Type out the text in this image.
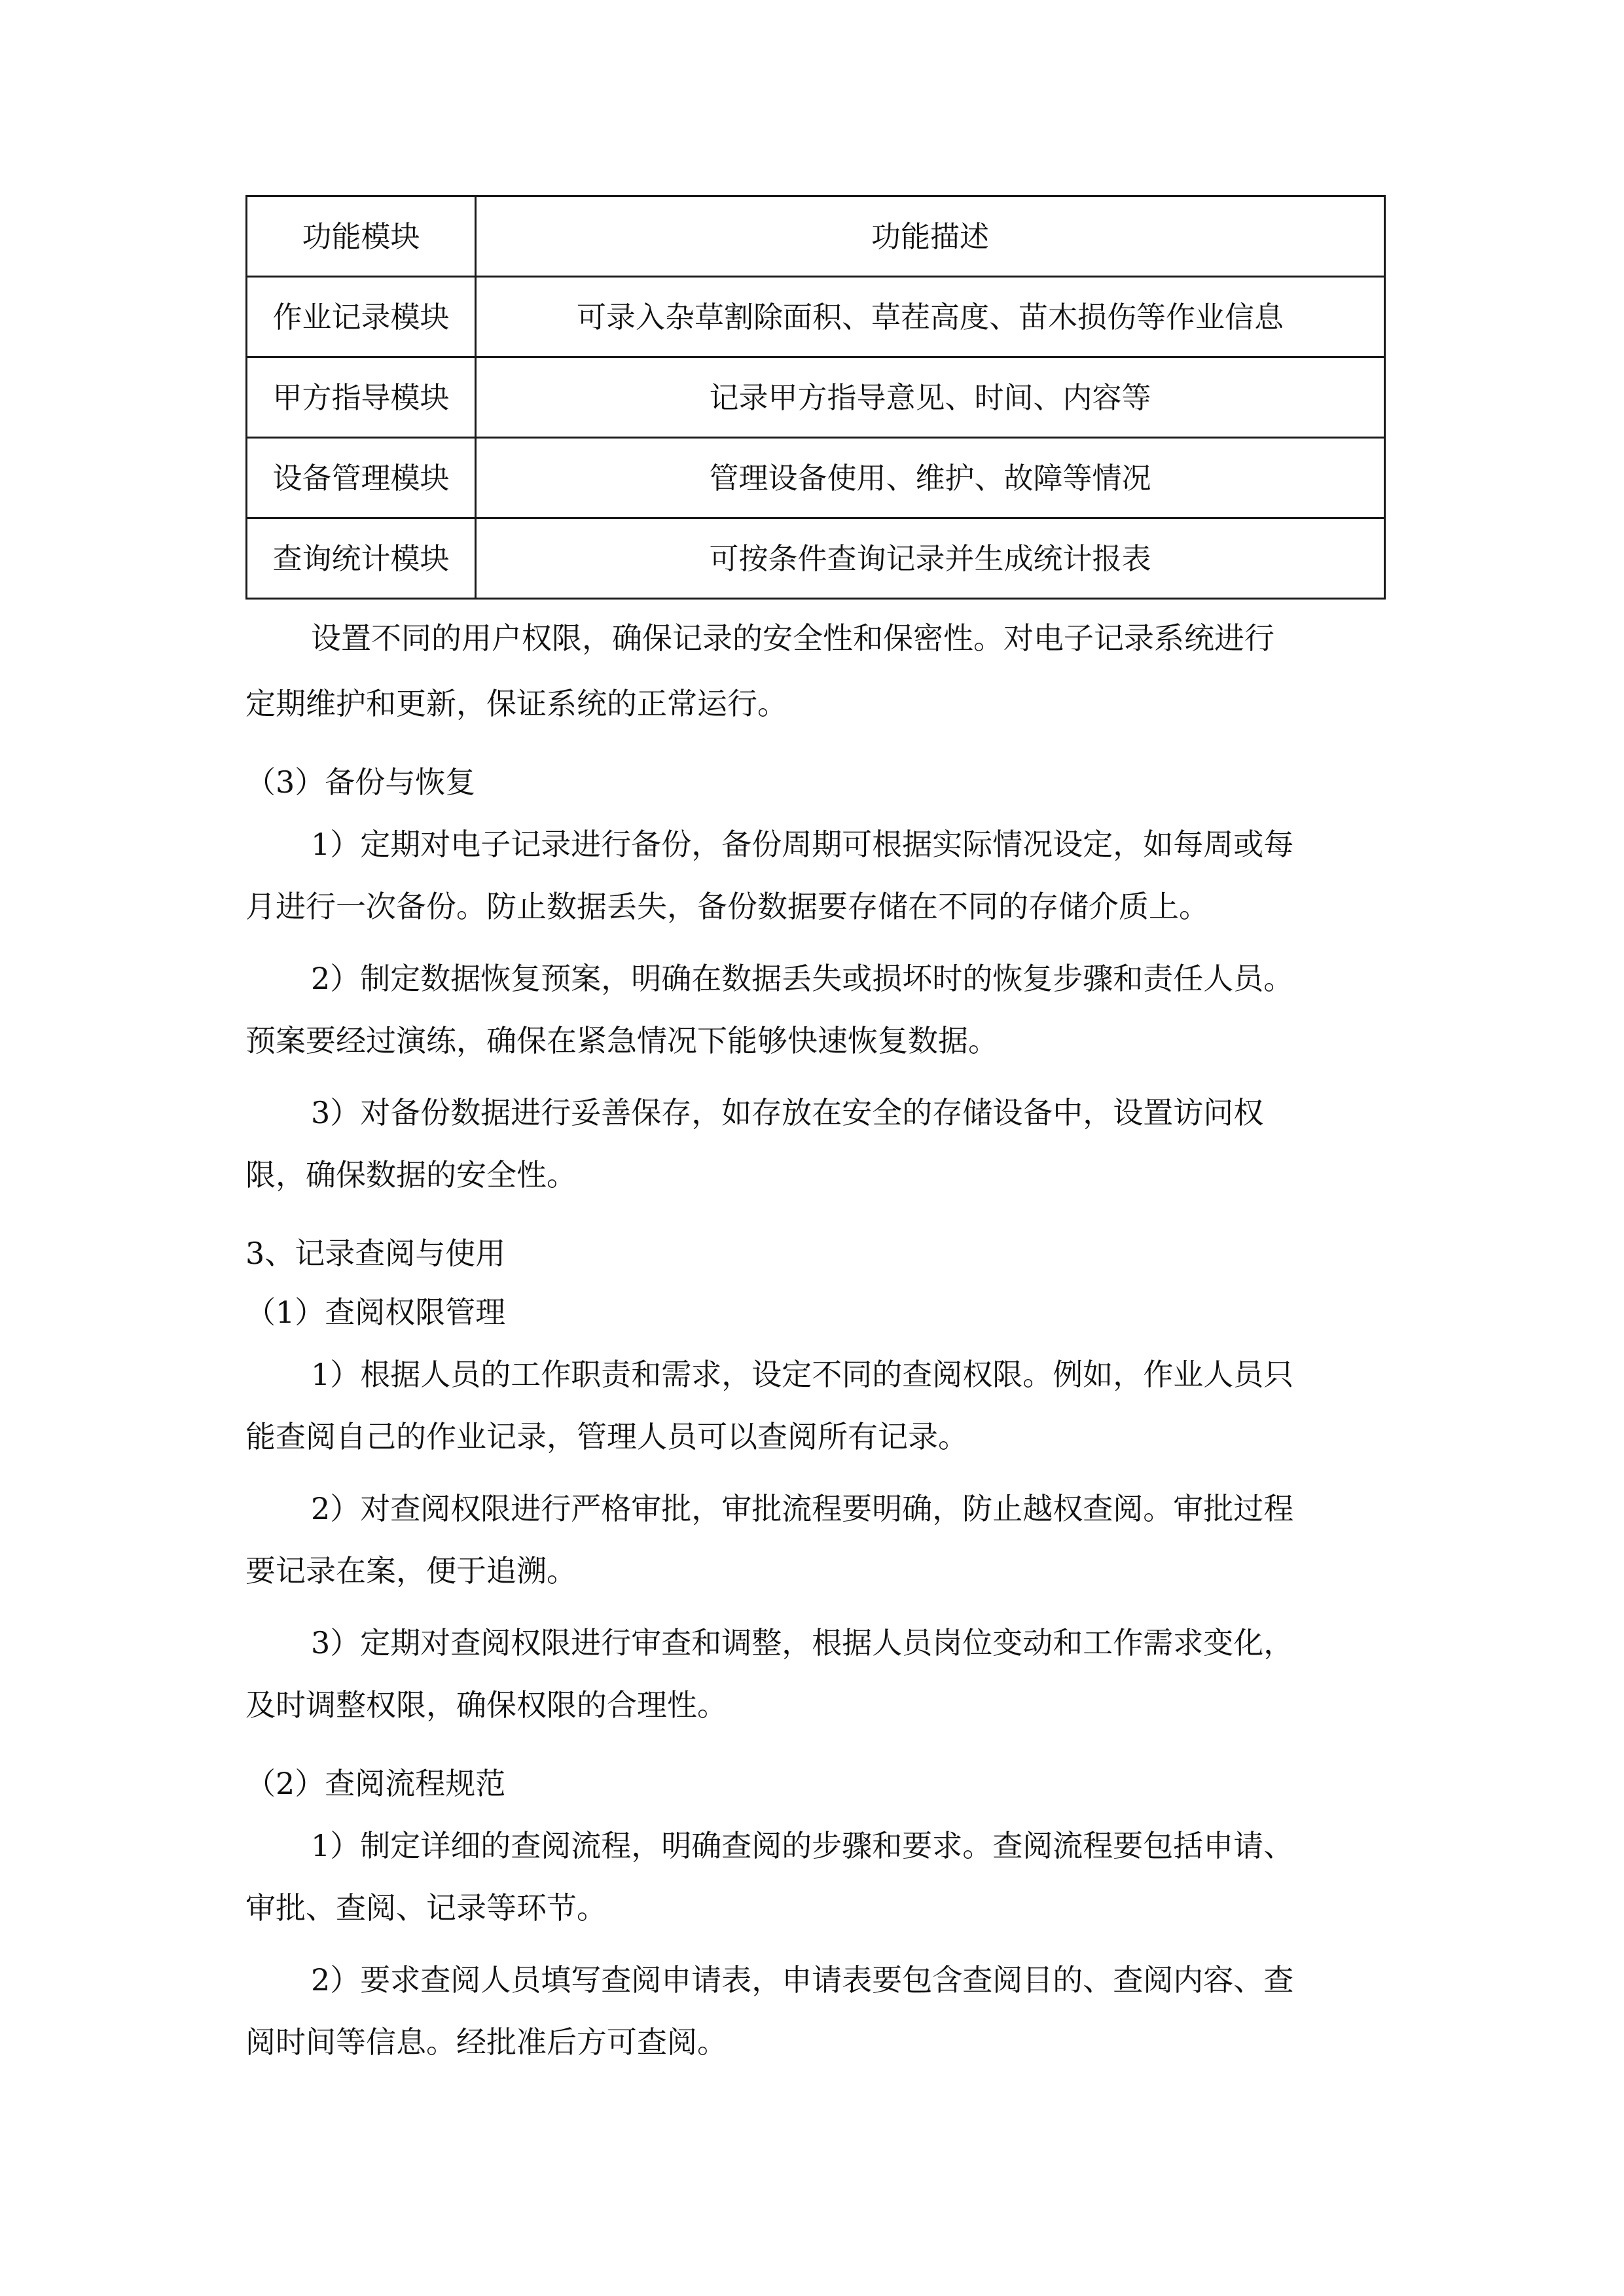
功能模块	功能描述
作业记录模块	可录入杂草割除面积、草茬高度、苗木损伤等作业信息
甲方指导模块	记录甲方指导意见、时间、内容等
设备管理模块	管理设备使用、维护、故障等情况
查询统计模块	可按条件查询记录并生成统计报表
设置不同的用户权限，确保记录的安全性和保密性。对电子记录系统进行
定期维护和更新，保证系统的正常运行。
（3）备份与恢复
1）定期对电子记录进行备份，备份周期可根据实际情况设定，如每周或每
月进行一次备份。防止数据丢失，备份数据要存储在不同的存储介质上。
2）制定数据恢复预案，明确在数据丢失或损坏时的恢复步骤和责任人员。
预案要经过演练，确保在紧急情况下能够快速恢复数据。
3）对备份数据进行妥善保存，如存放在安全的存储设备中，设置访问权
限，确保数据的安全性。
3、记录查阅与使用
（1）查阅权限管理
1）根据人员的工作职责和需求，设定不同的查阅权限。例如，作业人员只
能查阅自己的作业记录，管理人员可以查阅所有记录。
2）对查阅权限进行严格审批，审批流程要明确，防止越权查阅。审批过程
要记录在案，便于追溯。
3）定期对查阅权限进行审查和调整，根据人员岗位变动和工作需求变化，
及时调整权限，确保权限的合理性。
（2）查阅流程规范
1）制定详细的查阅流程，明确查阅的步骤和要求。查阅流程要包括申请、
审批、查阅、记录等环节。
2）要求查阅人员填写查阅申请表，申请表要包含查阅目的、查阅内容、查
阅时间等信息。经批准后方可查阅。
